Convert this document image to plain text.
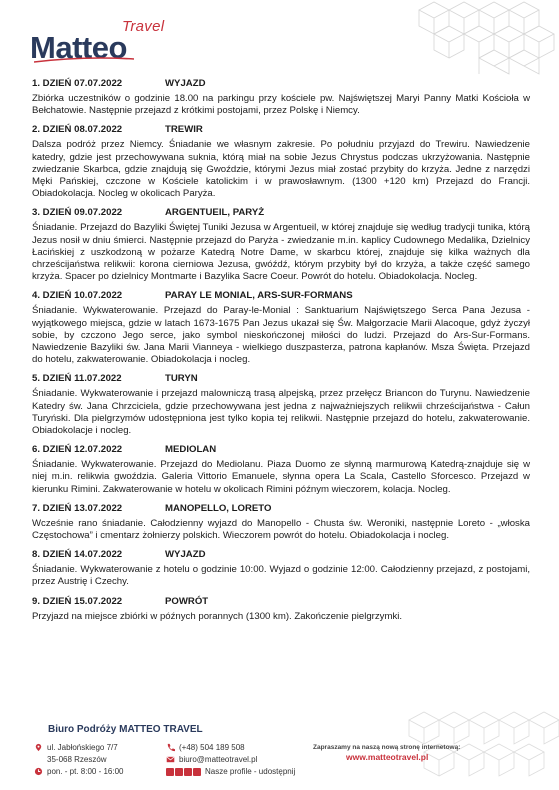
Travel
Matteo
1. DZIEŃ 07.07.2022	WYJAZD

Zbiórka uczestników o godzinie 18.00 na parkingu przy kościele pw. Najświętszej Maryi Panny Matki Kościoła w Bełchatowie. Następnie przejazd z krótkimi postojami, przez Polskę i Niemcy.

2. DZIEŃ 08.07.2022	TREWIR

Dalsza podróż przez Niemcy. Śniadanie we własnym zakresie. Po południu przyjazd do Trewiru. Nawiedzenie katedry, gdzie jest przechowywana suknia, którą miał na sobie Jezus Chrystus podczas ukrzyżowania. Następnie zwiedzanie Skarbca, gdzie znajdują się Gwoździe, którymi Jezus miał zostać przybity do krzyża. Jedne z narzędzi Męki Pańskiej, czczone w Kościele katolickim i w prawosławnym. (1300 +120 km) Przejazd do Francji. Obiadokolacja. Nocleg w okolicach Paryża.

3. DZIEŃ 09.07.2022	ARGENTUEIL, PARYŻ

Śniadanie. Przejazd do Bazyliki Świętej Tuniki Jezusa w Argentueil, w której znajduje się według tradycji tunika, którą Jezus nosił w dniu śmierci. Następnie przejazd do Paryża - zwiedzanie m.in. kaplicy Cudownego Medalika, Dzielnicy Łacińskiej z uszkodzoną w pożarze Katedrą Notre Dame, w skarbcu której, znajduje się kilka ważnych dla chrześcijaństwa relikwii: korona cierniowa Jezusa, gwóźdź, którym przybity był do krzyża, a także część samego krzyża. Spacer po dzielnicy Montmarte i Bazylika Sacre Coeur. Powrót do hotelu. Obiadokolacja. Nocleg.

4. DZIEŃ 10.07.2022	PARAY LE MONIAL, ARS-SUR-FORMANS

Śniadanie. Wykwaterowanie. Przejazd do Paray-le-Monial : Sanktuarium Najświętszego Serca Pana Jezusa - wyjątkowego miejsca, gdzie w latach 1673-1675 Pan Jezus ukazał się Św. Małgorzacie Marii Alacoque, gdyż życzył sobie, by czczono Jego serce, jako symbol nieskończonej miłości do ludzi. Przejazd do Ars-Sur-Formans. Nawiedzenie Bazyliki św. Jana Marii Vianneya - wielkiego duszpasterza, patrona kapłanów. Msza Święta. Przejazd do hotelu, zakwaterowanie. Obiadokolacja i nocleg.

5. DZIEŃ 11.07.2022	TURYN

Śniadanie. Wykwaterowanie i przejazd malowniczą trasą alpejską, przez przełęcz Briancon do Turynu. Nawiedzenie Katedry św. Jana Chrzciciela, gdzie przechowywana jest jedna z najważniejszych relikwii chrześcijaństwa - Całun Turyński. Dla pielgrzymów udostępniona jest tylko kopia tej relikwii. Następnie przejazd do hotelu, zakwaterowanie. Obiadokolacje i nocleg.

6. DZIEŃ 12.07.2022	MEDIOLAN

Śniadanie. Wykwaterowanie. Przejazd do Mediolanu. Piaza Duomo ze słynną marmurową Katedrą-znajduje się w niej m.in. relikwia gwoździa. Galeria Vittorio Emanuele, słynna opera La Scala, Castello Sforcesco. Przejazd w kierunku Rimini. Zakwaterowanie w hotelu w okolicach Rimini późnym wieczorem, kolacja. Nocleg.

7. DZIEŃ 13.07.2022	MANOPELLO, LORETO

Wcześnie rano śniadanie. Całodzienny wyjazd do Manopello - Chusta św. Weroniki, następnie Loreto - „włoska Częstochowa” i cmentarz żołnierzy polskich. Wieczorem powrót do hotelu. Obiadokolacja i nocleg.

8. DZIEŃ 14.07.2022	WYJAZD

Śniadanie. Wykwaterowanie z hotelu o godzinie 10:00. Wyjazd o godzinie 12:00. Całodzienny przejazd, z postojami, przez Austrię i Czechy.

9. DZIEŃ 15.07.2022	POWRÓT

Przyjazd na miejsce zbiórki w późnych porannych (1300 km). Zakończenie pielgrzymki.

Biuro Podróży MATTEO TRAVEL
ul. Jabłońskiego 7/7
35-068 Rzeszów
pon. - pt. 8:00 - 16:00
(+48) 504 189 508
biuro@matteotravel.pl
Nasze profile - udostępnij
Zapraszamy na naszą nową stronę internetową:
www.matteotravel.pl
